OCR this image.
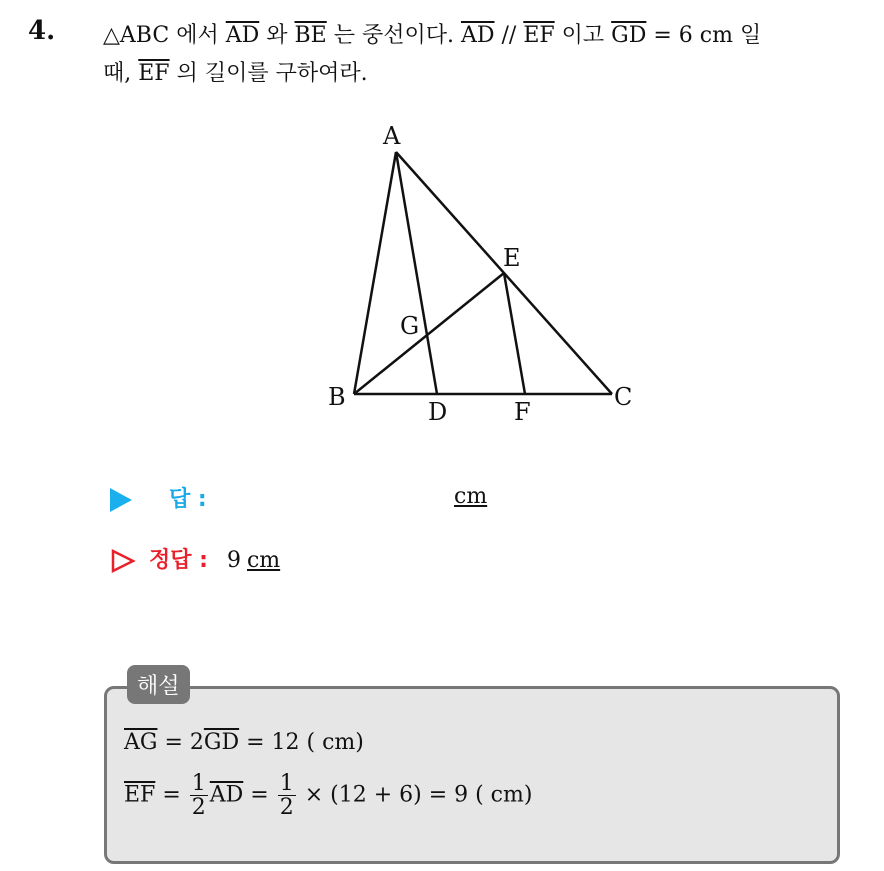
4. △ABC 에서 $\overline{AD}$ 와 $\overline{BE}$ 는 중선이다. $\overline{AD} // \overline{EF}$ 이고 $\overline{GD} = 6$ cm 일
때, $\overline{EF}$ 의 길이를 구하여라.
A
B	C
D
E
F
G
답 :	cm
정답 : 9 cm
해설
$\overline{AG} = 2\overline{GD} = 12$ ( cm)
$\overline{EF} = \frac{1}{2} \overline{AD} = \frac{1}{2} \times (12 + 6) = 9$ ( cm)
